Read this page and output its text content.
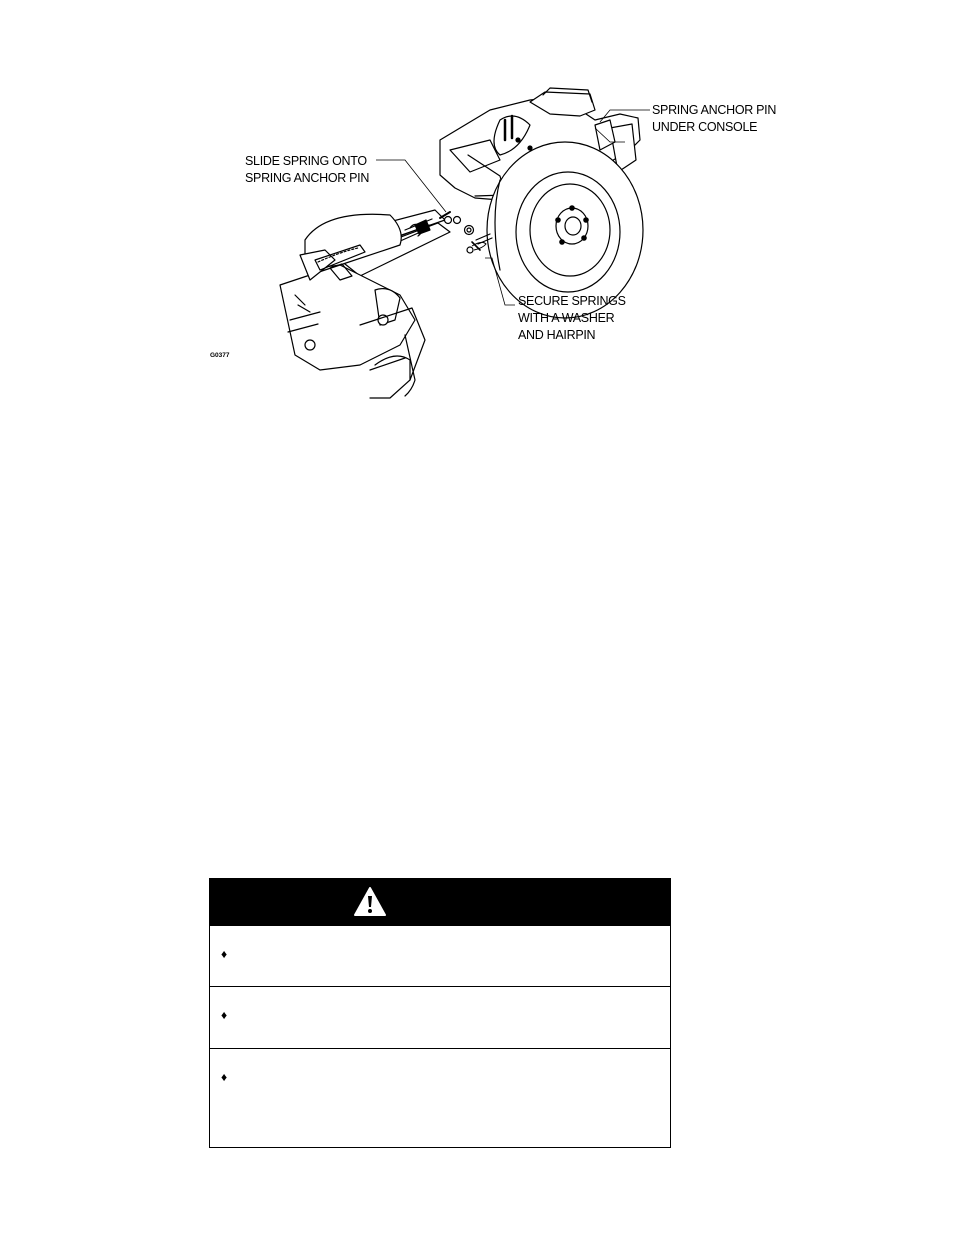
SPRING ANCHOR PIN
UNDER CONSOLE
SLIDE SPRING ONTO
SPRING ANCHOR PIN
SECURE SPRINGS
WITH A WASHER
AND HAIRPIN
G0377
♦
♦
♦
